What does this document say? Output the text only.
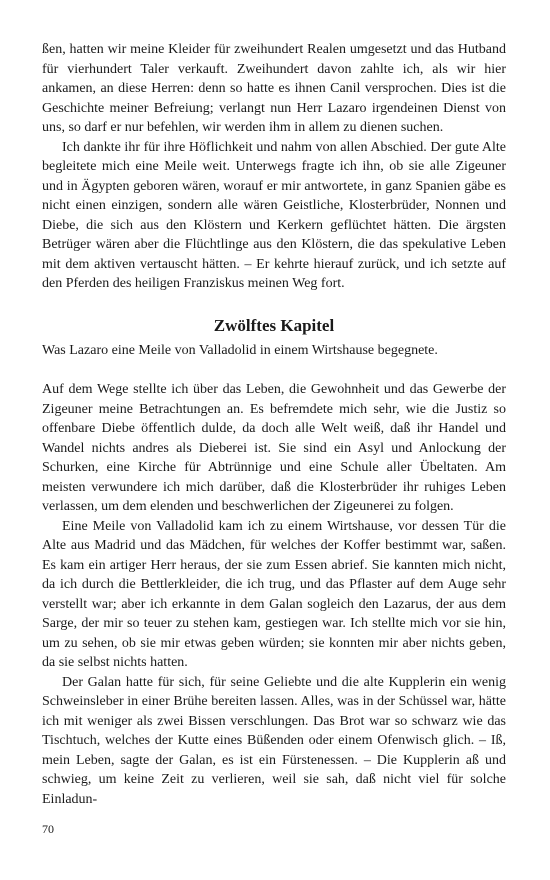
ßen, hatten wir meine Kleider für zweihundert Realen umgesetzt und das Hutband für vierhundert Taler verkauft. Zweihundert davon zahlte ich, als wir hier ankamen, an diese Herren: denn so hatte es ihnen Canil versprochen. Dies ist die Geschichte meiner Befreiung; verlangt nun Herr Lazaro irgendeinen Dienst von uns, so darf er nur befehlen, wir werden ihm in allem zu dienen suchen.

Ich dankte ihr für ihre Höflichkeit und nahm von allen Abschied. Der gute Alte begleitete mich eine Meile weit. Unterwegs fragte ich ihn, ob sie alle Zigeuner und in Ägypten geboren wären, worauf er mir antwortete, in ganz Spanien gäbe es nicht einen einzigen, sondern alle wären Geistliche, Klosterbrüder, Nonnen und Diebe, die sich aus den Klöstern und Kerkern geflüchtet hätten. Die ärgsten Betrüger wären aber die Flüchtlinge aus den Klöstern, die das spekulative Leben mit dem aktiven vertauscht hätten. – Er kehrte hierauf zurück, und ich setzte auf den Pferden des heiligen Franziskus meinen Weg fort.

Zwölftes Kapitel

Was Lazaro eine Meile von Valladolid in einem Wirtshause begegnete.

Auf dem Wege stellte ich über das Leben, die Gewohnheit und das Gewerbe der Zigeuner meine Betrachtungen an. Es befremdete mich sehr, wie die Justiz so offenbare Diebe öffentlich dulde, da doch alle Welt weiß, daß ihr Handel und Wandel nichts andres als Dieberei ist. Sie sind ein Asyl und Anlockung der Schurken, eine Kirche für Abtrünnige und eine Schule aller Übeltaten. Am meisten verwundere ich mich darüber, daß die Klosterbrüder ihr ruhiges Leben verlassen, um dem elenden und beschwerlichen der Zigeunerei zu folgen.

Eine Meile von Valladolid kam ich zu einem Wirtshause, vor dessen Tür die Alte aus Madrid und das Mädchen, für welches der Koffer bestimmt war, saßen. Es kam ein artiger Herr heraus, der sie zum Essen abrief. Sie kannten mich nicht, da ich durch die Bettlerkleider, die ich trug, und das Pflaster auf dem Auge sehr verstellt war; aber ich erkannte in dem Galan sogleich den Lazarus, der aus dem Sarge, der mir so teuer zu stehen kam, gestiegen war. Ich stellte mich vor sie hin, um zu sehen, ob sie mir etwas geben würden; sie konnten mir aber nichts geben, da sie selbst nichts hatten.

Der Galan hatte für sich, für seine Geliebte und die alte Kupplerin ein wenig Schweinsleber in einer Brühe bereiten lassen. Alles, was in der Schüssel war, hätte ich mit weniger als zwei Bissen verschlungen. Das Brot war so schwarz wie das Tischtuch, welches der Kutte eines Büßenden oder einem Ofenwisch glich. – Iß, mein Leben, sagte der Galan, es ist ein Fürstenessen. – Die Kupplerin aß und schwieg, um keine Zeit zu verlieren, weil sie sah, daß nicht viel für solche Einladun-

70
